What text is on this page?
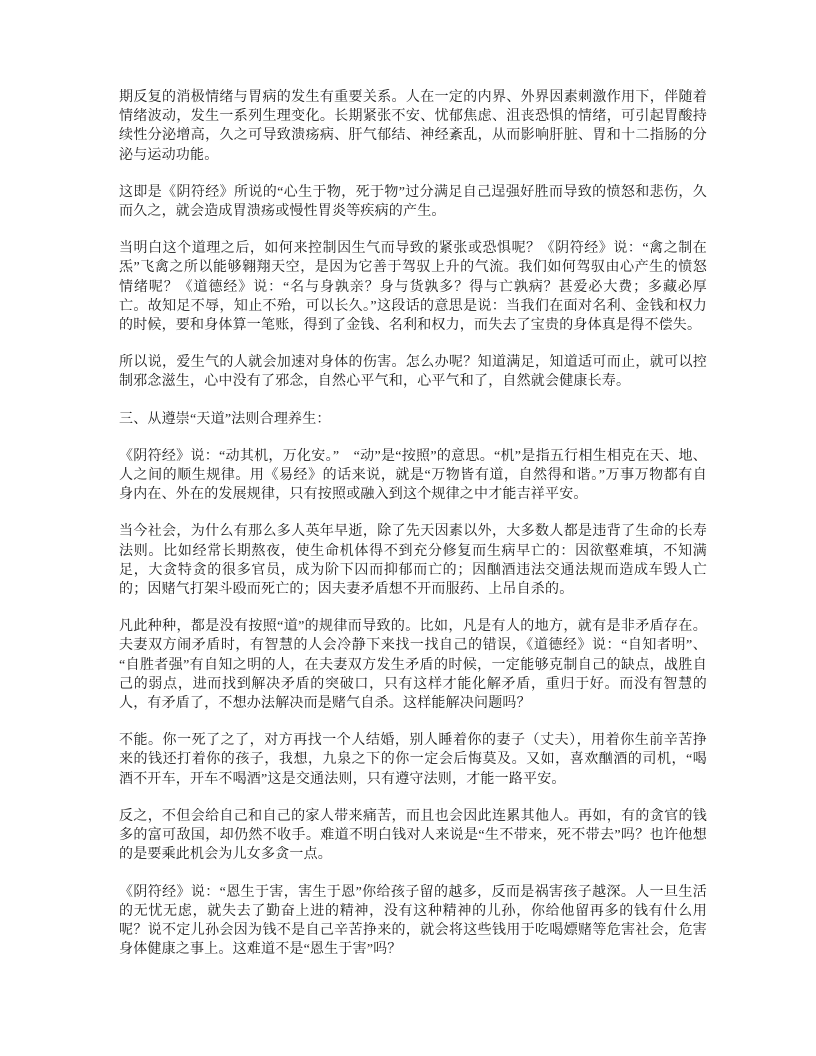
期反复的消极情绪与胃病的发生有重要关系。人在一定的内界、外界因素刺激作用下，伴随着情绪波动，发生一系列生理变化。长期紧张不安、忧郁焦虑、沮丧恐惧的情绪，可引起胃酸持续性分泌增高，久之可导致溃疡病、肝气郁结、神经紊乱，从而影响肝脏、胃和十二指肠的分泌与运动功能。

这即是《阴符经》所说的“心生于物，死于物”过分满足自己逞强好胜而导致的愤怒和悲伤，久而久之，就会造成胃溃疡或慢性胃炎等疾病的产生。

当明白这个道理之后，如何来控制因生气而导致的紧张或恐惧呢？《阴符经》说：“禽之制在炁”飞禽之所以能够翱翔天空，是因为它善于驾驭上升的气流。我们如何驾驭由心产生的愤怒情绪呢？《道德经》说：“名与身孰亲？身与货孰多？得与亡孰病？甚爱必大费；多藏必厚亡。故知足不辱，知止不殆，可以长久。”这段话的意思是说：当我们在面对名利、金钱和权力的时候，要和身体算一笔账，得到了金钱、名利和权力，而失去了宝贵的身体真是得不偿失。

所以说，爱生气的人就会加速对身体的伤害。怎么办呢？知道满足，知道适可而止，就可以控制邪念滋生，心中没有了邪念，自然心平气和，心平气和了，自然就会健康长寿。

三、从遵崇“天道”法则合理养生：

《阴符经》说：“动其机，万化安。”　“动”是“按照”的意思。“机”是指五行相生相克在天、地、人之间的顺生规律。用《易经》的话来说，就是“万物皆有道，自然得和谐。”万事万物都有自身内在、外在的发展规律，只有按照或融入到这个规律之中才能吉祥平安。

当今社会，为什么有那么多人英年早逝，除了先天因素以外，大多数人都是违背了生命的长寿法则。比如经常长期熬夜，使生命机体得不到充分修复而生病早亡的：因欲壑难填，不知满足，大贪特贪的很多官员，成为阶下囚而抑郁而亡的；因酗酒违法交通法规而造成车毁人亡的；因赌气打架斗殴而死亡的；因夫妻矛盾想不开而服药、上吊自杀的。

凡此种种，都是没有按照“道”的规律而导致的。比如，凡是有人的地方，就有是非矛盾存在。夫妻双方闹矛盾时，有智慧的人会冷静下来找一找自己的错误，《道德经》说：“自知者明”、“自胜者强”有自知之明的人，在夫妻双方发生矛盾的时候，一定能够克制自己的缺点，战胜自己的弱点，进而找到解决矛盾的突破口，只有这样才能化解矛盾，重归于好。而没有智慧的人，有矛盾了，不想办法解决而是赌气自杀。这样能解决问题吗？

不能。你一死了之了，对方再找一个人结婚，别人睡着你的妻子（丈夫），用着你生前辛苦挣来的钱还打着你的孩子，我想，九泉之下的你一定会后悔莫及。又如，喜欢酗酒的司机，“喝酒不开车，开车不喝酒”这是交通法则，只有遵守法则，才能一路平安。

反之，不但会给自己和自己的家人带来痛苦，而且也会因此连累其他人。再如，有的贪官的钱多的富可敌国，却仍然不收手。难道不明白钱对人来说是“生不带来，死不带去”吗？也许他想的是要乘此机会为儿女多贪一点。

《阴符经》说：“恩生于害，害生于恩”你给孩子留的越多，反而是祸害孩子越深。人一旦生活的无忧无虑，就失去了勤奋上进的精神，没有这种精神的儿孙，你给他留再多的钱有什么用呢？说不定儿孙会因为钱不是自己辛苦挣来的，就会将这些钱用于吃喝嫖赌等危害社会，危害身体健康之事上。这难道不是“恩生于害”吗？
